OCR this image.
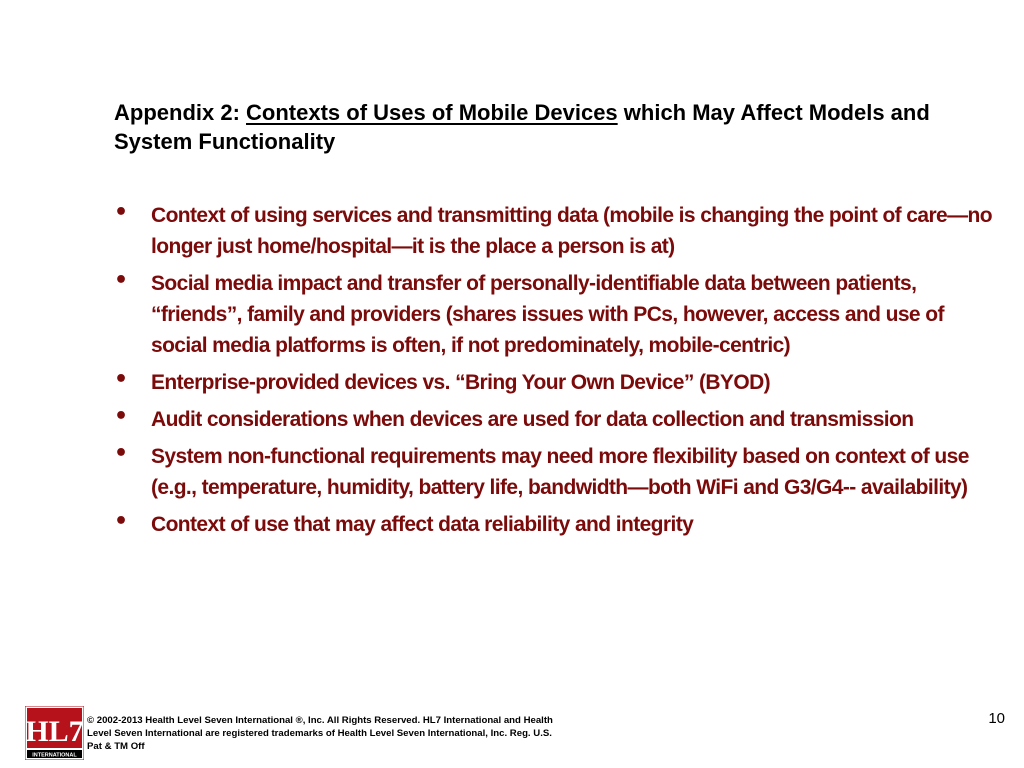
Appendix 2: Contexts of Uses of Mobile Devices which May Affect Models and System Functionality
• Context of using services and transmitting data (mobile is changing the point of care—no longer just home/hospital—it is the place a person is at)
• Social media impact and transfer of personally-identifiable data between patients, “friends”, family and providers (shares issues with PCs, however, access and use of social media platforms is often, if not predominately, mobile-centric)
• Enterprise-provided devices vs. “Bring Your Own Device” (BYOD)
• Audit considerations when devices are used for data collection and transmission
• System non-functional requirements may need more flexibility based on context of use (e.g., temperature, humidity, battery life, bandwidth—both WiFi and G3/G4-- availability)
• Context of use that may affect data reliability and integrity
HL7
INTERNATIONAL
© 2002-2013 Health Level Seven International ®, Inc. All Rights Reserved. HL7 International and Health Level Seven International are registered trademarks of Health Level Seven International, Inc. Reg. U.S. Pat & TM Off
10
